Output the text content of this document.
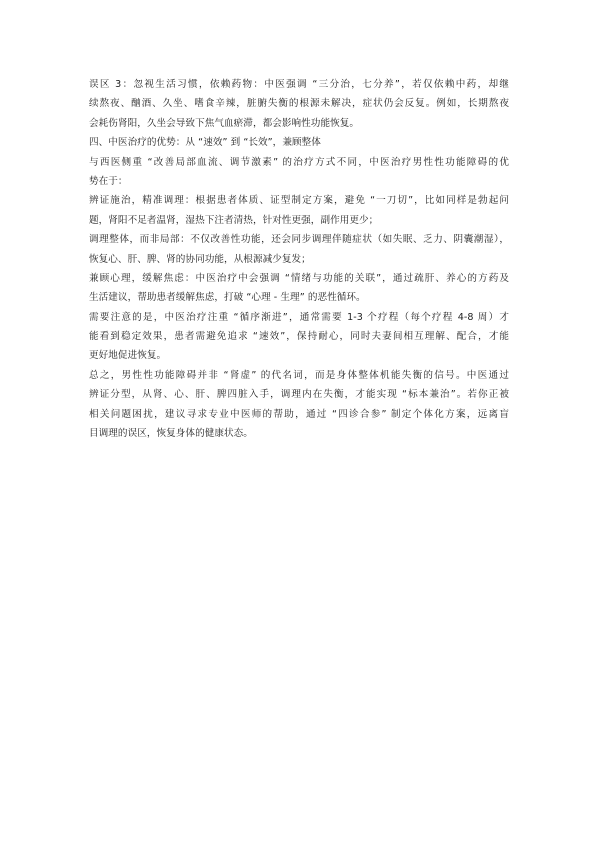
误区 3：忽视生活习惯，依赖药物：中医强调 “三分治，七分养”，若仅依赖中药，却继
续熬夜、酗酒、久坐、嗜食辛辣，脏腑失衡的根源未解决，症状仍会反复。例如，长期熬夜
会耗伤肾阳，久坐会导致下焦气血瘀滞，都会影响性功能恢复。
四、中医治疗的优势：从 “速效” 到 “长效”，兼顾整体
与西医侧重 “改善局部血流、调节激素” 的治疗方式不同，中医治疗男性性功能障碍的优
势在于：
辨证施治，精准调理：根据患者体质、证型制定方案，避免 “一刀切”，比如同样是勃起问
题，肾阳不足者温肾，湿热下注者清热，针对性更强，副作用更少；
调理整体，而非局部：不仅改善性功能，还会同步调理伴随症状（如失眠、乏力、阴囊潮湿），
恢复心、肝、脾、肾的协同功能，从根源减少复发；
兼顾心理，缓解焦虑：中医治疗中会强调 “情绪与功能的关联”，通过疏肝、养心的方药及
生活建议，帮助患者缓解焦虑，打破 “心理 - 生理” 的恶性循环。
需要注意的是，中医治疗注重 “循序渐进”，通常需要 1-3 个疗程（每个疗程 4-8 周）才
能看到稳定效果，患者需避免追求 “速效”，保持耐心，同时夫妻间相互理解、配合，才能
更好地促进恢复。
总之，男性性功能障碍并非 “肾虚” 的代名词，而是身体整体机能失衡的信号。中医通过
辨证分型，从肾、心、肝、脾四脏入手，调理内在失衡，才能实现 “标本兼治”。若你正被
相关问题困扰，建议寻求专业中医师的帮助，通过 “四诊合参” 制定个体化方案，远离盲
目调理的误区，恢复身体的健康状态。
